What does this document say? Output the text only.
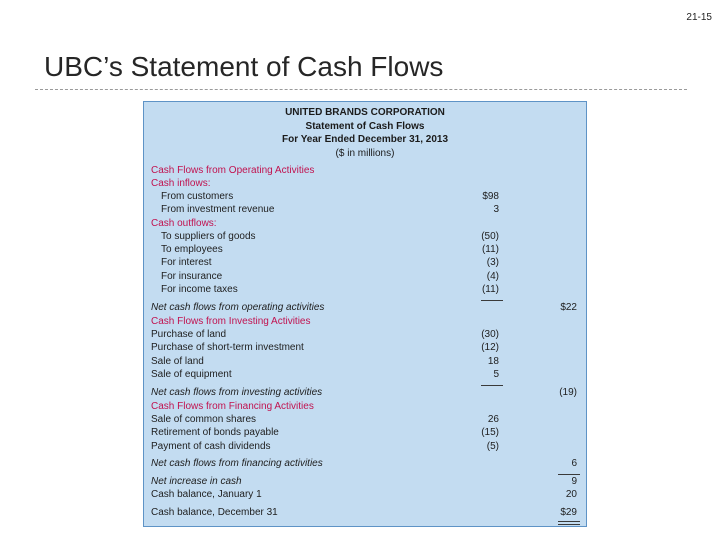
21-15
UBC’s Statement of Cash Flows
UNITED BRANDS CORPORATION
Statement of Cash Flows
For Year Ended December 31, 2013
($ in millions)
Cash Flows from Operating Activities
Cash inflows:
From customers	$98
From investment revenue	3
Cash outflows:
To suppliers of goods	(50)
To employees	(11)
For interest	(3)
For insurance	(4)
For income taxes	(11)
Net cash flows from operating activities	$22
Cash Flows from Investing Activities
Purchase of land	(30)
Purchase of short-term investment	(12)
Sale of land	18
Sale of equipment	5
Net cash flows from investing activities	(19)
Cash Flows from Financing Activities
Sale of common shares	26
Retirement of bonds payable	(15)
Payment of cash dividends	(5)
Net cash flows from financing activities	6
Net increase in cash	9
Cash balance, January 1	20
Cash balance, December 31	$29
